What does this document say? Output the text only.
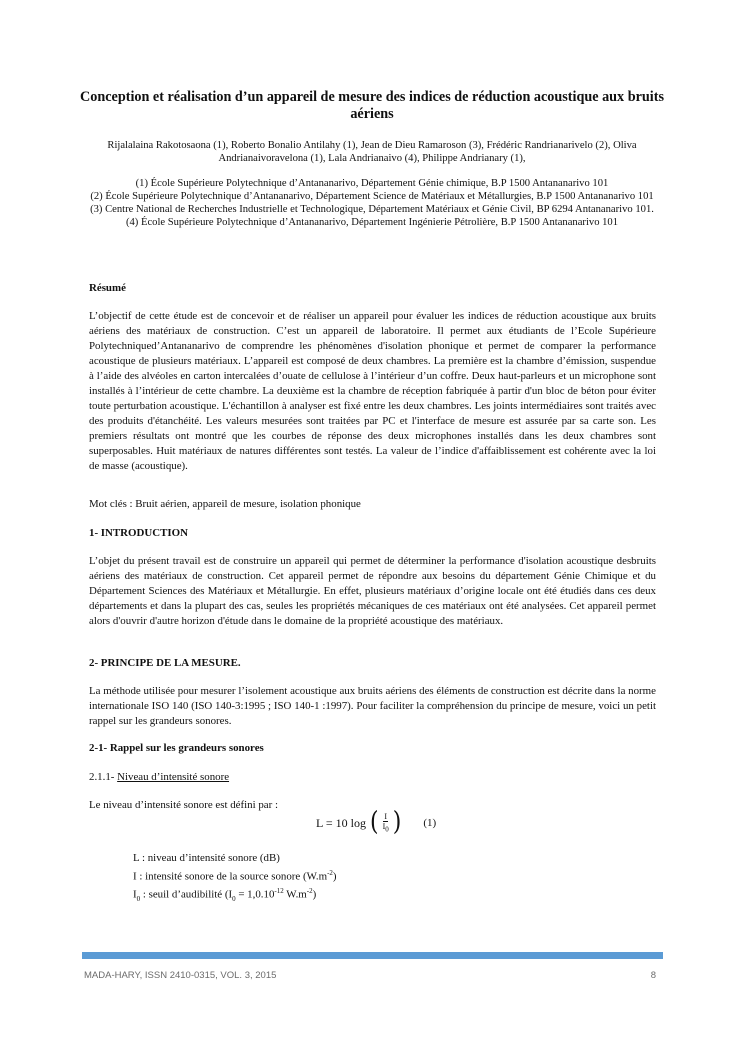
Conception et réalisation d’un appareil de mesure des indices de réduction acoustique aux bruits aériens
Rijalalaina Rakotosaona (1), Roberto Bonalio Antilahy (1), Jean de Dieu Ramaroson (3), Frédéric Randrianarivelo (2), Oliva Andrianaivoravelona (1), Lala Andrianaivo (4), Philippe Andrianary (1),
(1) École Supérieure Polytechnique d’Antananarivo, Département Génie chimique, B.P 1500 Antananarivo 101
(2) École Supérieure Polytechnique d’Antananarivo, Département Science de Matériaux et Métallurgies, B.P 1500 Antananarivo 101
(3) Centre National de Recherches Industrielle et Technologique, Département Matériaux et Génie Civil, BP 6294 Antananarivo 101.
(4) École Supérieure Polytechnique d’Antananarivo, Département Ingénierie Pétrolière, B.P 1500 Antananarivo 101
Résumé
L’objectif de cette étude est de concevoir et de réaliser un appareil pour évaluer les indices de réduction acoustique aux bruits aériens des matériaux de construction. C’est un appareil de laboratoire. Il permet aux étudiants de l’Ecole Supérieure Polytechniqued’Antananarivo de comprendre les phénomènes d'isolation phonique et permet de comparer la performance acoustique de plusieurs matériaux. L’appareil est composé de deux chambres. La première est la chambre d’émission, suspendue à l’aide des alvéoles en carton intercalées d’ouate de cellulose à l’intérieur d’un coffre. Deux haut-parleurs et un microphone sont installés à l’intérieur de cette chambre. La deuxième est la chambre de réception fabriquée à partir d'un bloc de béton pour éviter toute perturbation acoustique. L'échantillon à analyser est fixé entre les deux chambres. Les joints intermédiaires sont traités avec des produits d'étanchéité. Les valeurs mesurées sont traitées par PC et l'interface de mesure est assurée par sa carte son. Les premiers résultats ont montré que les courbes de réponse des deux microphones installés dans les deux chambres sont superposables. Huit matériaux de natures différentes sont testés. La valeur de l’indice d'affaiblissement est cohérente avec la loi de masse (acoustique).
Mot clés : Bruit aérien, appareil de mesure, isolation phonique
1- INTRODUCTION
L’objet du présent travail est de construire un appareil qui permet de déterminer la performance d'isolation acoustique desbruits aériens des matériaux de construction. Cet appareil permet de répondre aux besoins du département Génie Chimique et du Département Sciences des Matériaux et Métallurgie. En effet, plusieurs matériaux d’origine locale ont été étudiés dans ces deux départements et dans la plupart des cas, seules les propriétés mécaniques de ces matériaux ont été analysées. Cet appareil permet alors d'ouvrir d'autre horizon d'étude dans le domaine de la propriété acoustique des matériaux.
2- PRINCIPE DE LA MESURE.
La méthode utilisée pour mesurer l’isolement acoustique aux bruits aériens des éléments de construction est décrite dans la norme internationale ISO 140 (ISO 140-3:1995 ; ISO 140-1 :1997). Pour faciliter la compréhension du principe de mesure, voici un petit rappel sur les grandeurs sonores.
2-1- Rappel sur les grandeurs sonores
2.1.1- Niveau d’intensité sonore
Le niveau d’intensité sonore est défini par :
L = 10 log ( $\frac{I}{I_0}$ ) (1)
L : niveau d’intensité sonore (dB)
I : intensité sonore de la source sonore $(W.m^{-2})$
$I_0$ : seuil d’audibilité ($I_0 = 1,0.10^{-12}$ $W.m^{-2}$)
MADA-HARY, ISSN 2410-0315, VOL. 3, 2015	8
